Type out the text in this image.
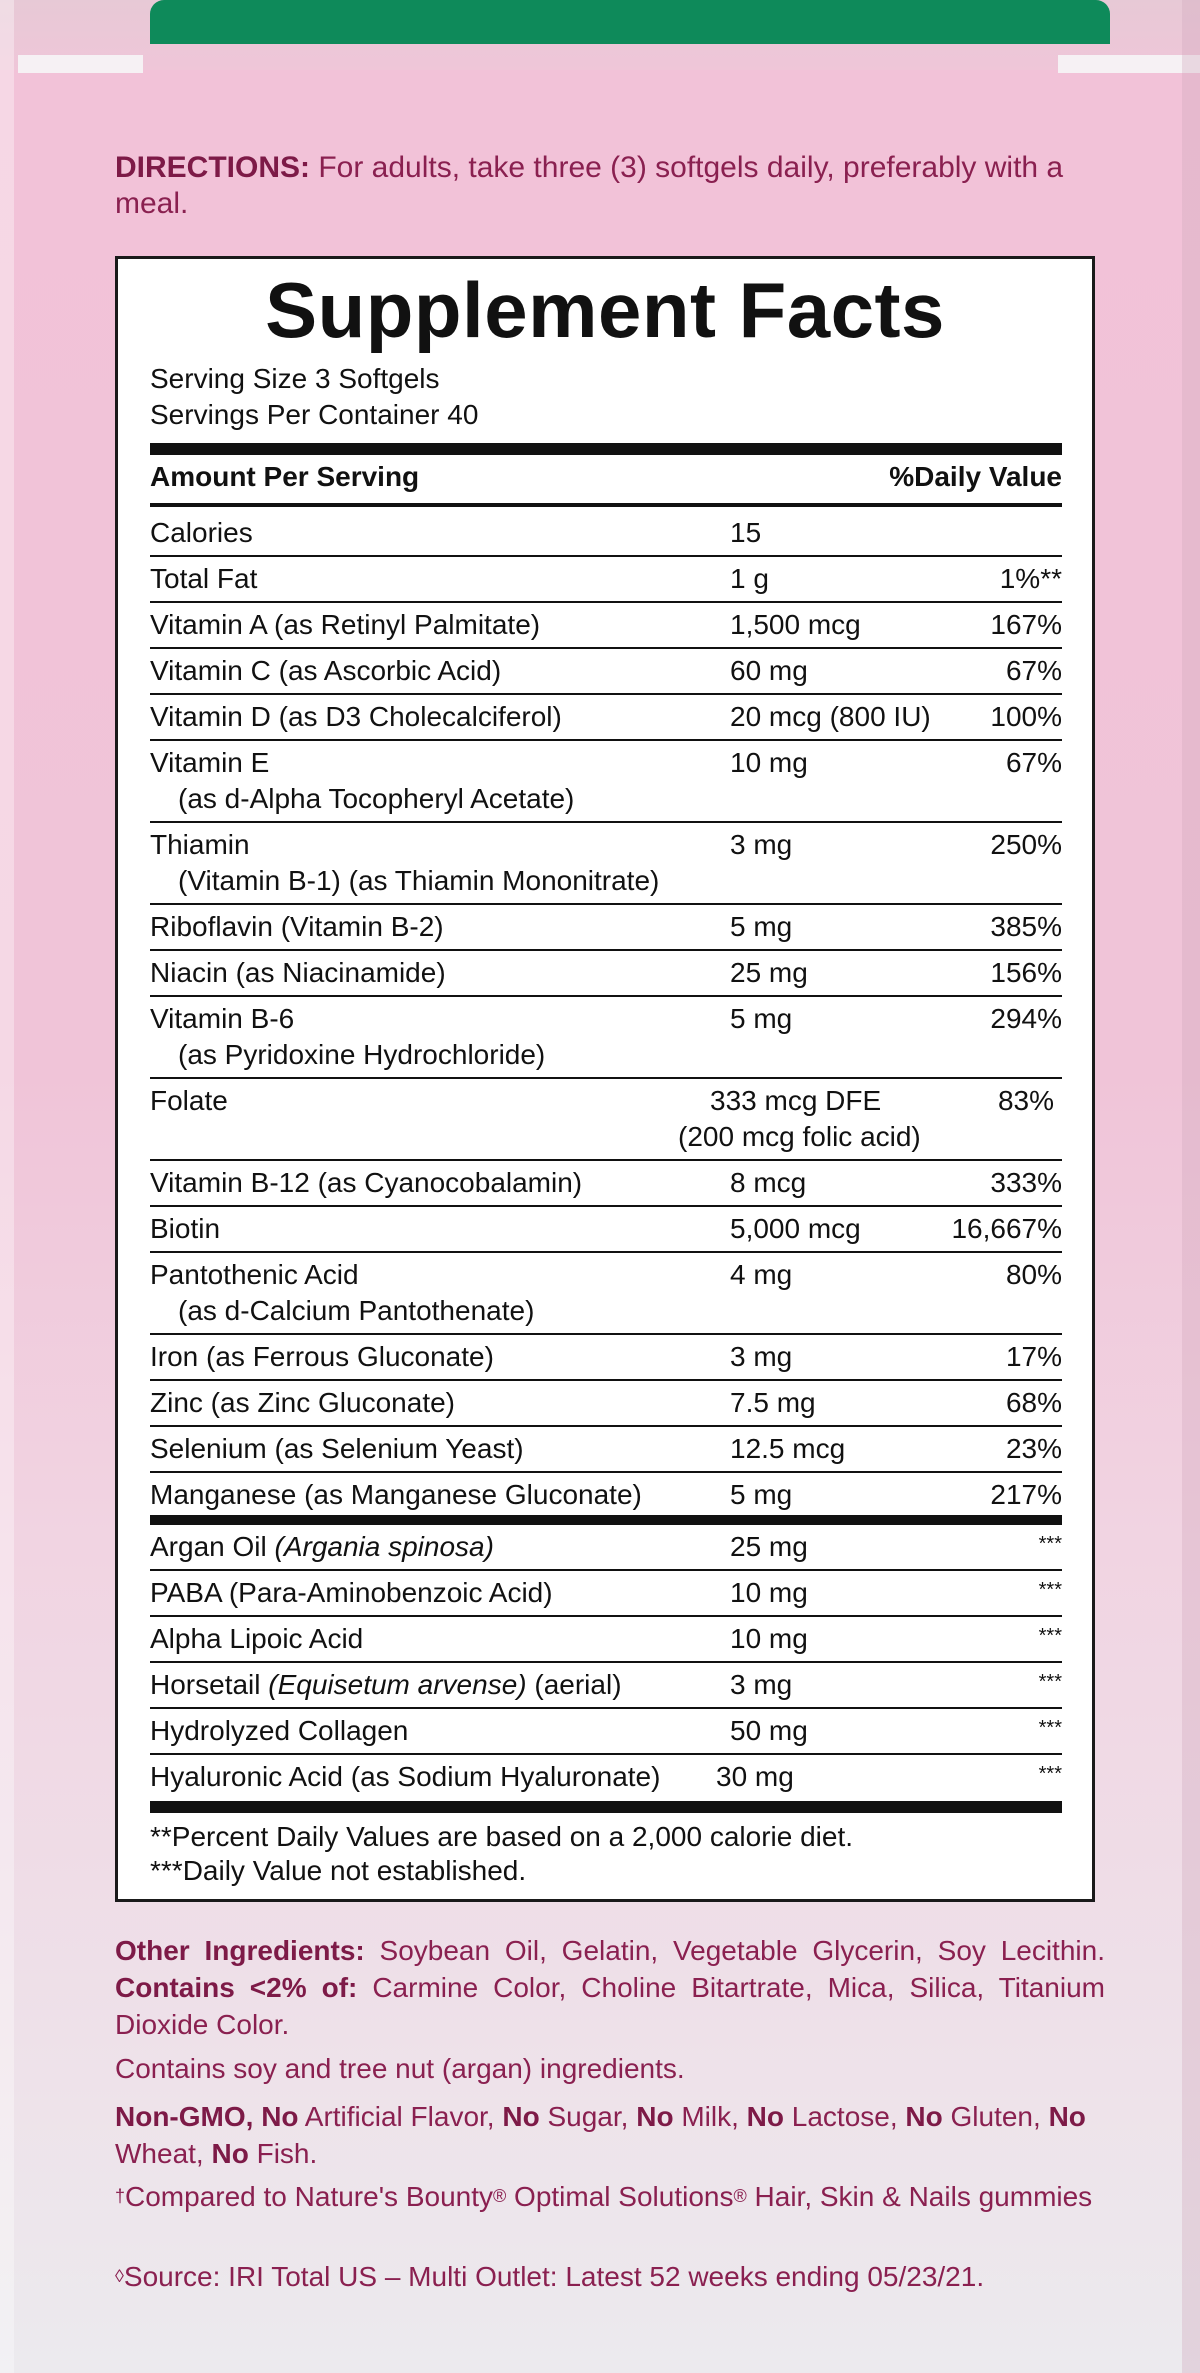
DIRECTIONS: For adults, take three (3) softgels daily, preferably with a meal.
Supplement Facts
Serving Size 3 Softgels
Servings Per Container 40
Amount Per Serving	%Daily Value
Calories	15
Total Fat	1 g	1%**
Vitamin A (as Retinyl Palmitate)	1,500 mcg	167%
Vitamin C (as Ascorbic Acid)	60 mg	67%
Vitamin D (as D3 Cholecalciferol)	20 mcg (800 IU) 100%
Vitamin E	10 mg	67%
(as d-Alpha Tocopheryl Acetate)
Thiamin	3 mg	250%
(Vitamin B-1) (as Thiamin Mononitrate)
Riboflavin (Vitamin B-2)	5 mg	385%
Niacin (as Niacinamide)	25 mg	156%
Vitamin B-6	5 mg	294%
(as Pyridoxine Hydrochloride)
Folate	333 mcg DFE	83%
(200 mcg folic acid)
Vitamin B-12 (as Cyanocobalamin)	8 mcg	333%
Biotin	5,000 mcg	16,667%
Pantothenic Acid	4 mg	80%
(as d-Calcium Pantothenate)
Iron (as Ferrous Gluconate)	3 mg	17%
Zinc (as Zinc Gluconate)	7.5 mg	68%
Selenium (as Selenium Yeast)	12.5 mcg	23%
Manganese (as Manganese Gluconate)	5 mg	217%
Argan Oil (Argania spinosa)	25 mg	***
PABA (Para-Aminobenzoic Acid)	10 mg	***
Alpha Lipoic Acid	10 mg	***
Horsetail (Equisetum arvense) (aerial)	3 mg	***
Hydrolyzed Collagen	50 mg	***
Hyaluronic Acid (as Sodium Hyaluronate) 30 mg	***
**Percent Daily Values are based on a 2,000 calorie diet.
***Daily Value not established.
Other Ingredients: Soybean Oil, Gelatin, Vegetable Glycerin, Soy Lecithin. Contains <2% of: Carmine Color, Choline Bitartrate, Mica, Silica, Titanium Dioxide Color.
Contains soy and tree nut (argan) ingredients.
Non-GMO, No Artificial Flavor, No Sugar, No Milk, No Lactose, No Gluten, No Wheat, No Fish.
†Compared to Nature's Bounty® Optimal Solutions® Hair, Skin & Nails gummies
◊Source: IRI Total US – Multi Outlet: Latest 52 weeks ending 05/23/21.
